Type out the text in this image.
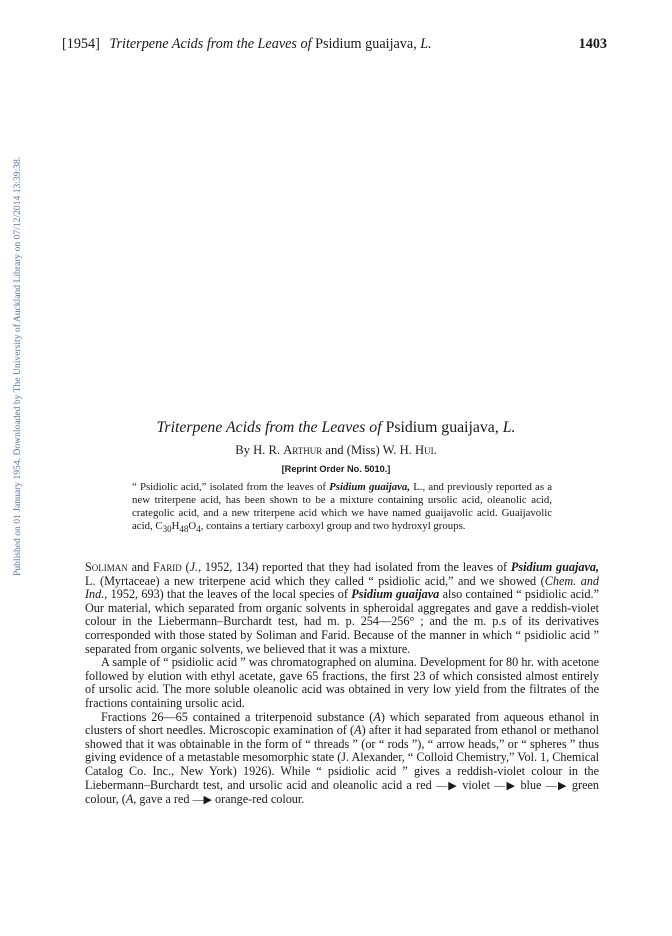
[1954] Triterpene Acids from the Leaves of Psidium guaijava, L.	1403
Published on 01 January 1954. Downloaded by The University of Auckland Library on 07/12/2014 13:39:38.	Triterpene Acids from the Leaves of Psidium guaijava, L.
By H. R. Arthur and (Miss) W. H. Hui.
[Reprint Order No. 5010.]
“ Psidiolic acid,” isolated from the leaves of Psidium guaijava, L., and previously reported as a new triterpene acid, has been shown to be a mixture containing ursolic acid, oleanolic acid, crategolic acid, and a new triterpene acid which we have named guaijavolic acid. Guaijavolic acid, $C_{30}H_{48}O_4$, contains a tertiary carboxyl group and two hydroxyl groups.

Soliman and Farid (J., 1952, 134) reported that they had isolated from the leaves of Psidium guajava, L. (Myrtaceae) a new triterpene acid which they called “ psidiolic acid,” and we showed (Chem. and Ind., 1952, 693) that the leaves of the local species of Psidium guaijava also contained “ psidiolic acid.” Our material, which separated from organic solvents in spheroidal aggregates and gave a reddish-violet colour in the Liebermann–Burchardt test, had m. p. 254—256° ; and the m. p.s of its derivatives corresponded with those stated by Soliman and Farid. Because of the manner in which “ psidiolic acid ” separated from organic solvents, we believed that it was a mixture.

A sample of “ psidiolic acid ” was chromatographed on alumina. Development for 80 hr. with acetone followed by elution with ethyl acetate, gave 65 fractions, the first 23 of which consisted almost entirely of ursolic acid. The more soluble oleanolic acid was obtained in very low yield from the filtrates of the fractions containing ursolic acid.

Fractions 26—65 contained a triterpenoid substance (A) which separated from aqueous ethanol in clusters of short needles. Microscopic examination of (A) after it had separated from ethanol or methanol showed that it was obtainable in the form of “ threads ” (or “ rods ”), “ arrow heads,” or “ spheres ” thus giving evidence of a metastable mesomorphic state (J. Alexander, “ Colloid Chemistry,” Vol. 1, Chemical Catalog Co. Inc., New York) 1926). While “ psidiolic acid ” gives a reddish-violet colour in the Liebermann–Burchardt test, and ursolic acid and oleanolic acid a red —▶ violet —▶ blue —▶ green colour, (A, gave a red —▶ orange-red colour.
